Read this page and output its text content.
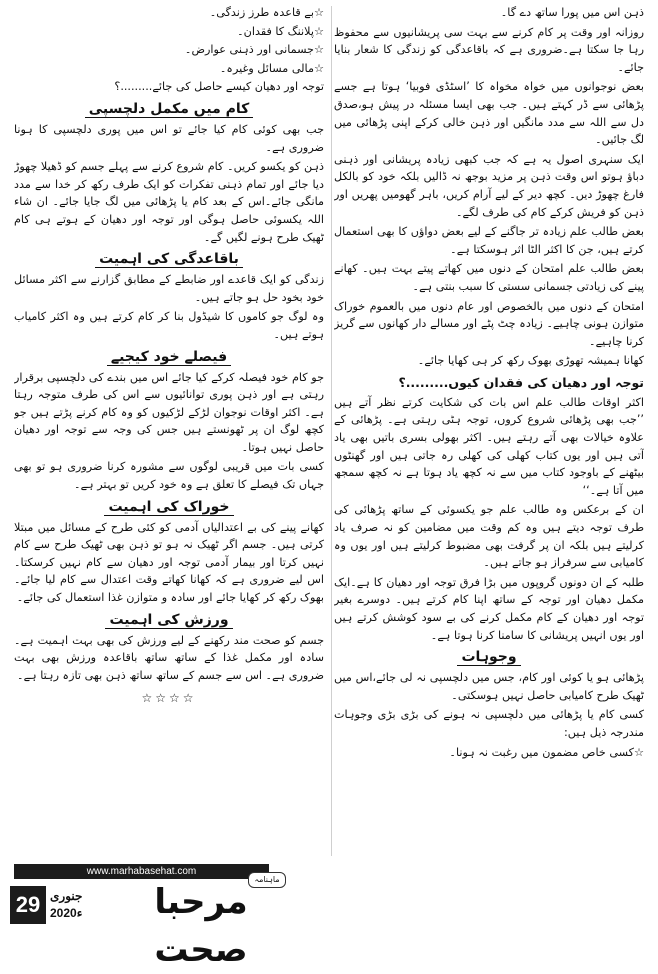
ذہن اس میں پورا ساتھ دے گا۔

روزانہ اور وقت پر کام کرنے سے بہت سی پریشانیوں سے محفوظ رہا جا سکتا ہے۔ضروری ہے کہ باقاعدگی کو زندگی کا شعار بنایا جائے۔

بعض نوجوانوں میں خواہ مخواہ کا ’اسٹڈی فوبیا‘ ہوتا ہے جسے پڑھائی سے ڈر کہتے ہیں۔ جب بھی ایسا مسئلہ در پیش ہو،صدق دل سے اللہ سے مدد مانگیں اور ذہن خالی کرکے اپنی پڑھائی میں لگ جائیں۔

ایک سنہری اصول یہ ہے کہ جب کبھی زیادہ پریشانی اور ذہنی دباؤ ہوتو اس وقت ذہن پر مزید بوجھ نہ ڈالیں بلکہ خود کو بالکل فارغ چھوڑ دیں۔ کچھ دیر کے لیے آرام کریں، باہر گھومیں پھریں اور ذہن کو فریش کرکے کام کی طرف لگے۔

بعض طالب علم زیادہ تر جاگنے کے لیے بعض دواؤں کا بھی استعمال کرتے ہیں، جن کا اکثر الٹا اثر ہوسکتا ہے۔

بعض طالب علم امتحان کے دنوں میں کھاتے پیتے بہت ہیں۔ کھانے پینے کی زیادتی جسمانی سستی کا سبب بنتی ہے۔

امتحان کے دنوں میں بالخصوص اور عام دنوں میں بالعموم خوراک متوازن ہونی چاہیے۔ زیادہ چٹ پٹے اور مسالے دار کھانوں سے گریز کرنا چاہیے۔

کھانا ہمیشہ تھوڑی بھوک رکھ کر ہی کھایا جائے۔

توجہ اور دھیان کی فقدان کیوں.........؟

اکثر اوقات طالب علم اس بات کی شکایت کرتے نظر آتے ہیں ’’جب بھی پڑھائی شروع کروں، توجہ ہٹی رہتی ہے۔ پڑھائی کے علاوہ خیالات بھی آتے رہتے ہیں۔ اکثر بھولی بسری باتیں بھی یاد آتی ہیں اور یوں کتاب کھلی کی کھلی رہ جاتی ہیں اور گھنٹوں بیٹھنے کے باوجود کتاب میں سے نہ کچھ یاد ہوتا ہے نہ کچھ سمجھ میں آتا ہے۔‘‘

ان کے برعکس وہ طالب علم جو یکسوئی کے ساتھ پڑھائی کی طرف توجہ دیتے ہیں وہ کم وقت میں مضامین کو نہ صرف یاد کرلیتے ہیں بلکہ ان پر گرفت بھی مضبوط کرلیتے ہیں اور یوں وہ کامیابی سے سرفراز ہو جاتے ہیں۔

طلبہ کے ان دونوں گروپوں میں بڑا فرق توجہ اور دھیان کا ہے۔ایک مکمل دھیان اور توجہ کے ساتھ اپنا کام کرتے ہیں۔ دوسرے بغیر توجہ اور دھیان کے کام مکمل کرنے کی بے سود کوشش کرتے ہیں اور یوں انہیں پریشانی کا سامنا کرنا ہوتا ہے۔

وجوہات

پڑھائی ہو یا کوئی اور کام، جس میں دلچسپی نہ لی جائے،اس میں ٹھیک طرح کامیابی حاصل نہیں ہوسکتی۔

کسی کام یا پڑھائی میں دلچسپی نہ ہونے کی بڑی بڑی وجوہات مندرجہ ذیل ہیں:

☆کسی خاص مضمون میں رغبت نہ ہونا۔

☆بے قاعدہ طرز زندگی۔

☆پلاننگ کا فقدان۔

☆جسمانی اور ذہنی عوارض۔

☆مالی مسائل وغیرہ۔

توجہ اور دھیان کیسے حاصل کی جائے.........؟

کام میں مکمل دلچسپی

جب بھی کوئی کام کیا جائے تو اس میں پوری دلچسپی کا ہونا ضروری ہے۔

ذہن کو یکسو کریں۔ کام شروع کرنے سے پہلے جسم کو ڈھیلا چھوڑ دیا جائے اور تمام ذہنی تفکرات کو ایک طرف رکھ کر خدا سے مدد مانگی جائے۔اس کے بعد کام یا پڑھائی میں لگ جایا جائے۔ ان شاء اللہ یکسوئی حاصل ہوگی اور توجہ اور دھیان کے ہوتے ہی کام ٹھیک طرح ہونے لگیں گے۔

باقاعدگی کی اہمیت

زندگی کو ایک قاعدے اور ضابطے کے مطابق گزارنے سے اکثر مسائل خود بخود حل ہو جاتے ہیں۔

وہ لوگ جو کاموں کا شیڈول بنا کر کام کرتے ہیں وہ اکثر کامیاب ہوتے ہیں۔

فیصلے خود کیجیے

جو کام خود فیصلہ کرکے کیا جائے اس میں بندے کی دلچسپی برقرار رہتی ہے اور ذہن پوری توانائیوں سے اس کی طرف متوجہ رہتا ہے۔ اکثر اوقات نوجوان لڑکے لڑکیوں کو وہ کام کرنے پڑتے ہیں جو کچھ لوگ ان پر ٹھونستے ہیں جس کی وجہ سے توجہ اور دھیان حاصل نہیں ہوتا۔

کسی بات میں قریبی لوگوں سے مشورہ کرنا ضروری ہو تو بھی جہاں تک فیصلے کا تعلق ہے وہ خود کریں تو بہتر ہے۔

خوراک کی اہمیت

کھانے پینے کی بے اعتدالیاں آدمی کو کئی طرح کے مسائل میں مبتلا کرتی ہیں۔ جسم اگر ٹھیک نہ ہو تو ذہن بھی ٹھیک طرح سے کام نہیں کرتا اور بیمار آدمی توجہ اور دھیان سے کام نہیں کرسکتا۔ اس لیے ضروری ہے کہ کھانا کھاتے وقت اعتدال سے کام لیا جائے۔ بھوک رکھ کر کھایا جائے اور سادہ و متوازن غذا استعمال کی جائے۔

ورزش کی اہمیت

جسم کو صحت مند رکھنے کے لیے ورزش کی بھی بہت اہمیت ہے۔ سادہ اور مکمل غذا کے ساتھ ساتھ باقاعدہ ورزش بھی بہت ضروری ہے۔ اس سے جسم کے ساتھ ساتھ ذہن بھی تازہ رہتا ہے۔

☆☆☆☆
www.marhabasehat.com
29 جنوری
2020ء	مرحبا صحت
ماہنامہ
